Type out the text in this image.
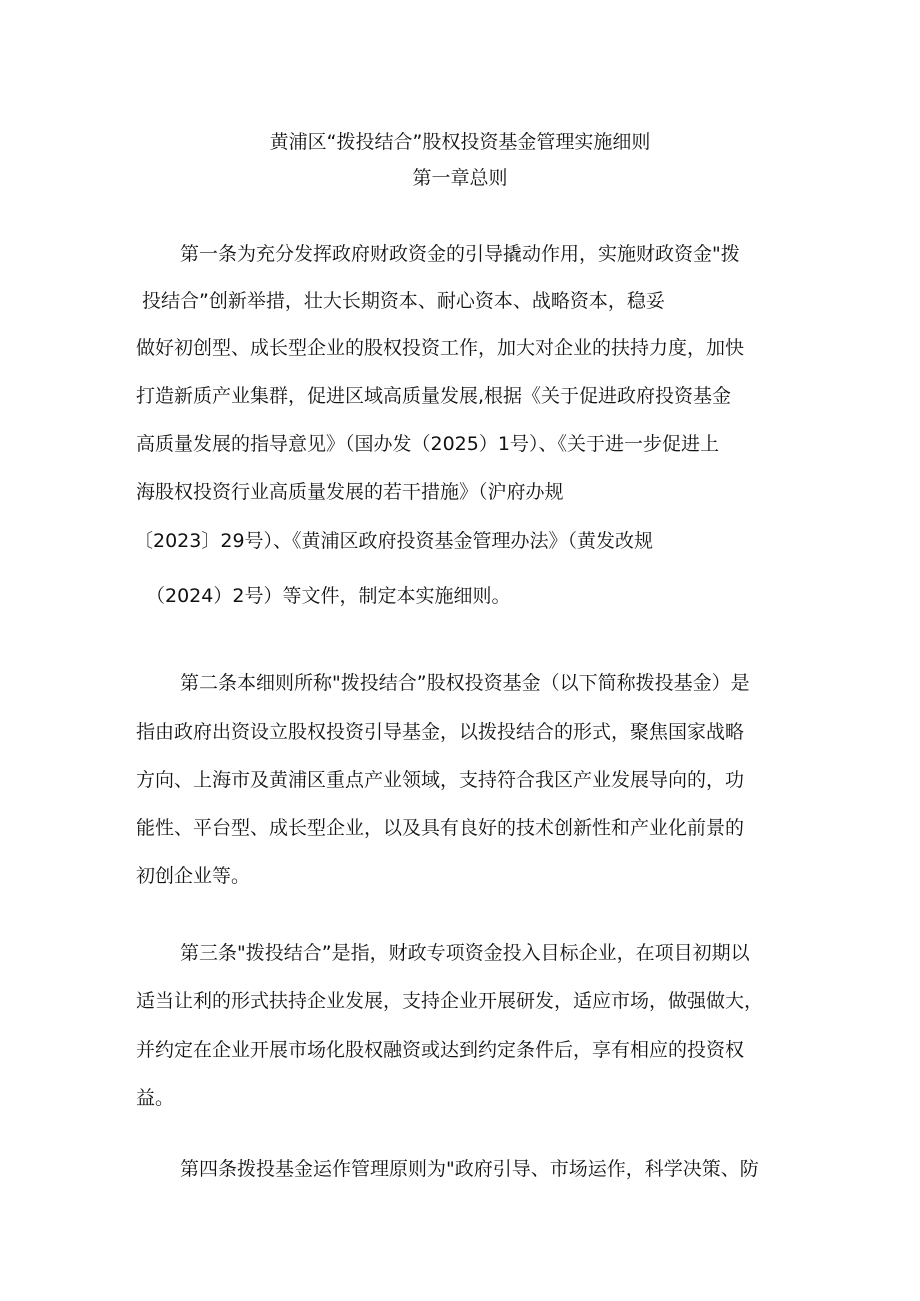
黄浦区“拨投结合”股权投资基金管理实施细则
第一章总则
第一条为充分发挥政府财政资金的引导撬动作用，实施财政资金"拨
投结合”创新举措，壮大长期资本、耐心资本、战略资本，稳妥
做好初创型、成长型企业的股权投资工作，加大对企业的扶持力度，加快
打造新质产业集群，促进区域高质量发展,根据《关于促进政府投资基金
高质量发展的指导意见》（国办发（2025）1号）、《关于进一步促进上
海股权投资行业高质量发展的若干措施》（沪府办规
〔2023〕29号）、《黄浦区政府投资基金管理办法》（黄发改规
（2024）2号）等文件，制定本实施细则。
第二条本细则所称"拨投结合”股权投资基金（以下简称拨投基金）是
指由政府出资设立股权投资引导基金，以拨投结合的形式，聚焦国家战略
方向、上海市及黄浦区重点产业领域，支持符合我区产业发展导向的，功
能性、平台型、成长型企业，以及具有良好的技术创新性和产业化前景的
初创企业等。
第三条"拨投结合”是指，财政专项资金投入目标企业，在项目初期以
适当让利的形式扶持企业发展，支持企业开展研发，适应市场，做强做大，
并约定在企业开展市场化股权融资或达到约定条件后，享有相应的投资权
益。
第四条拨投基金运作管理原则为"政府引导、市场运作，科学决策、防
